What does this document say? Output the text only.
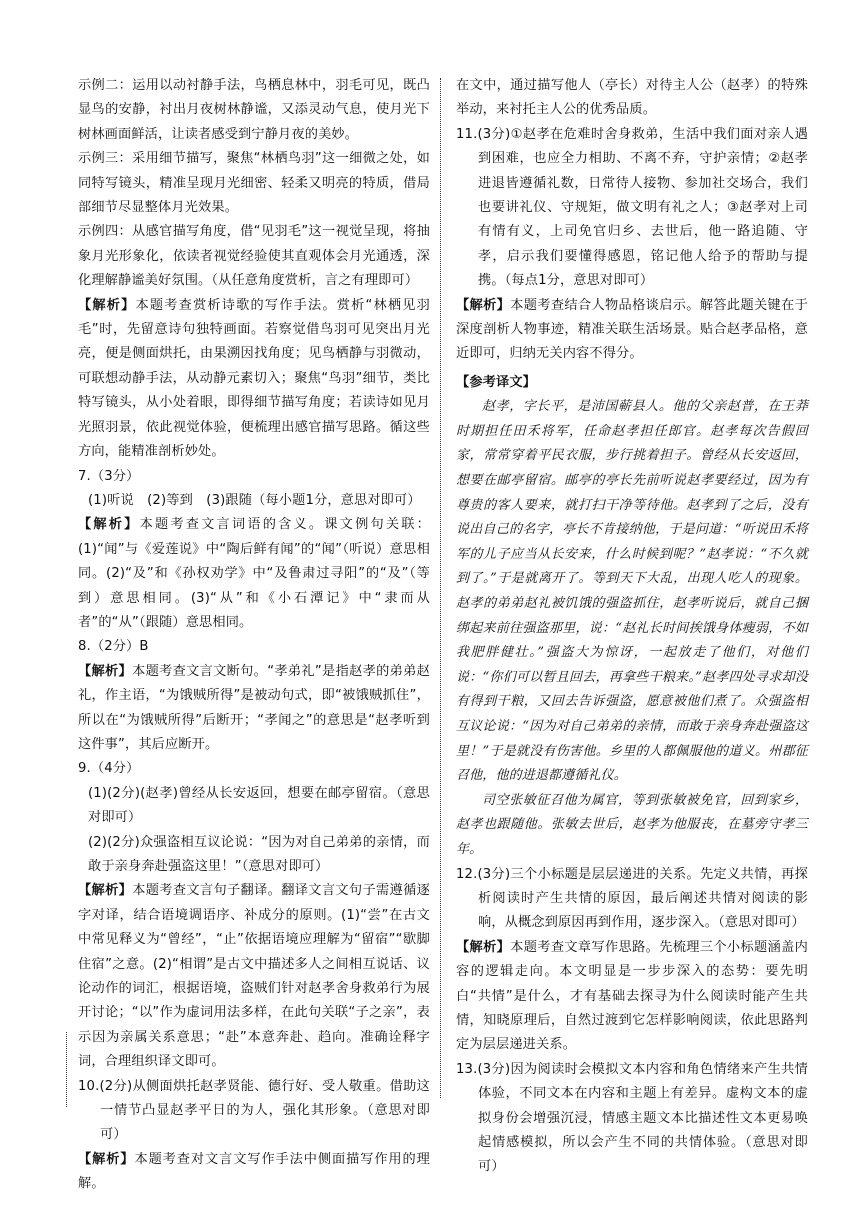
示例二：运用以动衬静手法，鸟栖息林中，羽毛可见，既凸显鸟的安静，衬出月夜树林静谧，又添灵动气息，使月光下树林画面鲜活，让读者感受到宁静月夜的美妙。

示例三：采用细节描写，聚焦“林栖鸟羽”这一细微之处，如同特写镜头，精准呈现月光细密、轻柔又明亮的特质，借局部细节尽显整体月光效果。

示例四：从感官描写角度，借“见羽毛”这一视觉呈现，将抽象月光形象化，依读者视觉经验使其直观体会月光通透，深化理解静谧美好氛围。（从任意角度赏析，言之有理即可）

【解析】本题考查赏析诗歌的写作手法。赏析“林栖见羽毛”时，先留意诗句独特画面。若察觉借鸟羽可见突出月光亮，便是侧面烘托，由果溯因找角度；见鸟栖静与羽微动，可联想动静手法，从动静元素切入；聚焦“鸟羽”细节，类比特写镜头，从小处着眼，即得细节描写角度；若读诗如见月光照羽景，依此视觉体验，便梳理出感官描写思路。循这些方向，能精准剖析妙处。

7.（3分）

(1)听说　(2)等到　(3)跟随（每小题1分，意思对即可）

【解析】本题考查文言词语的含义。课文例句关联：(1)“闻”与《爱莲说》中“陶后鲜有闻”的“闻”（听说）意思相同。(2)“及”和《孙权劝学》中“及鲁肃过寻阳”的“及”（等到）意思相同。(3)“从”和《小石潭记》中“隶而从者”的“从”（跟随）意思相同。

8.（2分）B

【解析】本题考查文言文断句。“孝弟礼”是指赵孝的弟弟赵礼，作主语，“为饿贼所得”是被动句式，即“被饿贼抓住”，所以在“为饿贼所得”后断开；“孝闻之”的意思是“赵孝听到这件事”，其后应断开。

9.（4分）

(1)(2分)(赵孝)曾经从长安返回，想要在邮亭留宿。（意思对即可）

(2)(2分)众强盗相互议论说：“因为对自己弟弟的亲情，而敢于亲身奔赴强盗这里！”（意思对即可）

【解析】本题考查文言句子翻译。翻译文言文句子需遵循逐字对译，结合语境调语序、补成分的原则。(1)“尝”在古文中常见释义为“曾经”，“止”依据语境应理解为“留宿”“歇脚住宿”之意。(2)“相谓”是古文中描述多人之间相互说话、议论动作的词汇，根据语境，盗贼们针对赵孝舍身救弟行为展开讨论；“以”作为虚词用法多样，在此句关联“子之亲”，表示因为亲属关系意思；“赴”本意奔赴、趋向。准确诠释字词，合理组织译文即可。

10.(2分)从侧面烘托赵孝贤能、德行好、受人敬重。借助这一情节凸显赵孝平日的为人，强化其形象。（意思对即可）

【解析】本题考查对文言文写作手法中侧面描写作用的理解。

在文中，通过描写他人（亭长）对待主人公（赵孝）的特殊举动，来衬托主人公的优秀品质。

11.(3分)①赵孝在危难时舍身救弟，生活中我们面对亲人遇到困难，也应全力相助、不离不弃，守护亲情；②赵孝进退皆遵循礼数，日常待人接物、参加社交场合，我们也要讲礼仪、守规矩，做文明有礼之人；③赵孝对上司有情有义，上司免官归乡、去世后，他一路追随、守孝，启示我们要懂得感恩，铭记他人给予的帮助与提携。（每点1分，意思对即可）

【解析】本题考查结合人物品格谈启示。解答此题关键在于深度剖析人物事迹，精准关联生活场景。贴合赵孝品格，意近即可，归纳无关内容不得分。

【参考译文】

赵孝，字长平，是沛国蕲县人。他的父亲赵普，在王莽时期担任田禾将军，任命赵孝担任郎官。赵孝每次告假回家，常常穿着平民衣服，步行挑着担子。曾经从长安返回，想要在邮亭留宿。邮亭的亭长先前听说赵孝要经过，因为有尊贵的客人要来，就打扫干净等待他。赵孝到了之后，没有说出自己的名字，亭长不肯接纳他，于是问道：“听说田禾将军的儿子应当从长安来，什么时候到呢？”赵孝说：“不久就到了。”于是就离开了。等到天下大乱，出现人吃人的现象。赵孝的弟弟赵礼被饥饿的强盗抓住，赵孝听说后，就自己捆绑起来前往强盗那里，说：“赵礼长时间挨饿身体瘦弱，不如我肥胖健壮。”强盗大为惊讶，一起放走了他们，对他们说：“你们可以暂且回去，再拿些干粮来。”赵孝四处寻求却没有得到干粮，又回去告诉强盗，愿意被他们煮了。众强盗相互议论说：“因为对自己弟弟的亲情，而敢于亲身奔赴强盗这里！”于是就没有伤害他。乡里的人都佩服他的道义。州郡征召他，他的进退都遵循礼仪。

司空张敏征召他为属官，等到张敏被免官，回到家乡，赵孝也跟随他。张敏去世后，赵孝为他服丧，在墓旁守孝三年。

12.(3分)三个小标题是层层递进的关系。先定义共情，再探析阅读时产生共情的原因，最后阐述共情对阅读的影响，从概念到原因再到作用，逐步深入。（意思对即可）

【解析】本题考查文章写作思路。先梳理三个小标题涵盖内容的逻辑走向。本文明显是一步步深入的态势：要先明白“共情”是什么，才有基础去探寻为什么阅读时能产生共情，知晓原理后，自然过渡到它怎样影响阅读，依此思路判定为层层递进关系。

13.(3分)因为阅读时会模拟文本内容和角色情绪来产生共情体验，不同文本在内容和主题上有差异。虚构文本的虚拟身份会增强沉浸，情感主题文本比描述性文本更易唤起情感模拟，所以会产生不同的共情体验。（意思对即可）
